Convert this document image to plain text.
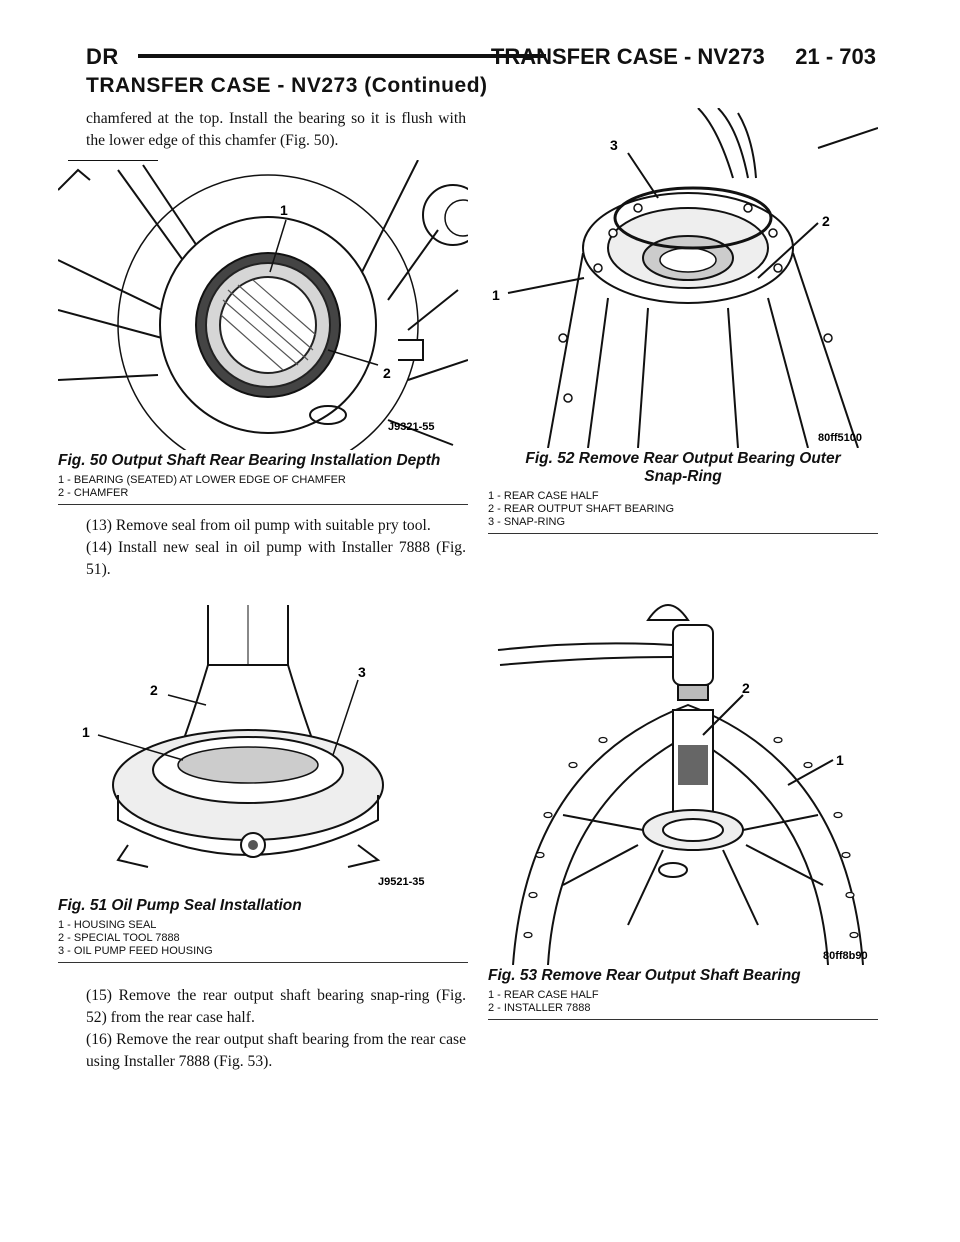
DR	TRANSFER CASE - NV273     21 - 703
TRANSFER CASE - NV273 (Continued)

chamfered at the top. Install the bearing so it is flush with the lower edge of this chamfer (Fig. 50).

1
2
J9321-55
Fig. 50 Output Shaft Rear Bearing Installation Depth
1 - BEARING (SEATED) AT LOWER EDGE OF CHAMFER
2 - CHAMFER

(13) Remove seal from oil pump with suitable pry tool.

(14) Install new seal in oil pump with Installer 7888 (Fig. 51).

1
2
3
J9521-35
Fig. 51 Oil Pump Seal Installation
1 - HOUSING SEAL
2 - SPECIAL TOOL 7888
3 - OIL PUMP FEED HOUSING

(15) Remove the rear output shaft bearing snap-ring (Fig. 52) from the rear case half.

(16) Remove the rear output shaft bearing from the rear case using Installer 7888 (Fig. 53).

1
2
3
80ff5100
Fig. 52 Remove Rear Output Bearing Outer
Snap-Ring
1 - REAR CASE HALF
2 - REAR OUTPUT SHAFT BEARING
3 - SNAP-RING
2
1
80ff8b90
Fig. 53 Remove Rear Output Shaft Bearing
1 - REAR CASE HALF
2 - INSTALLER 7888
